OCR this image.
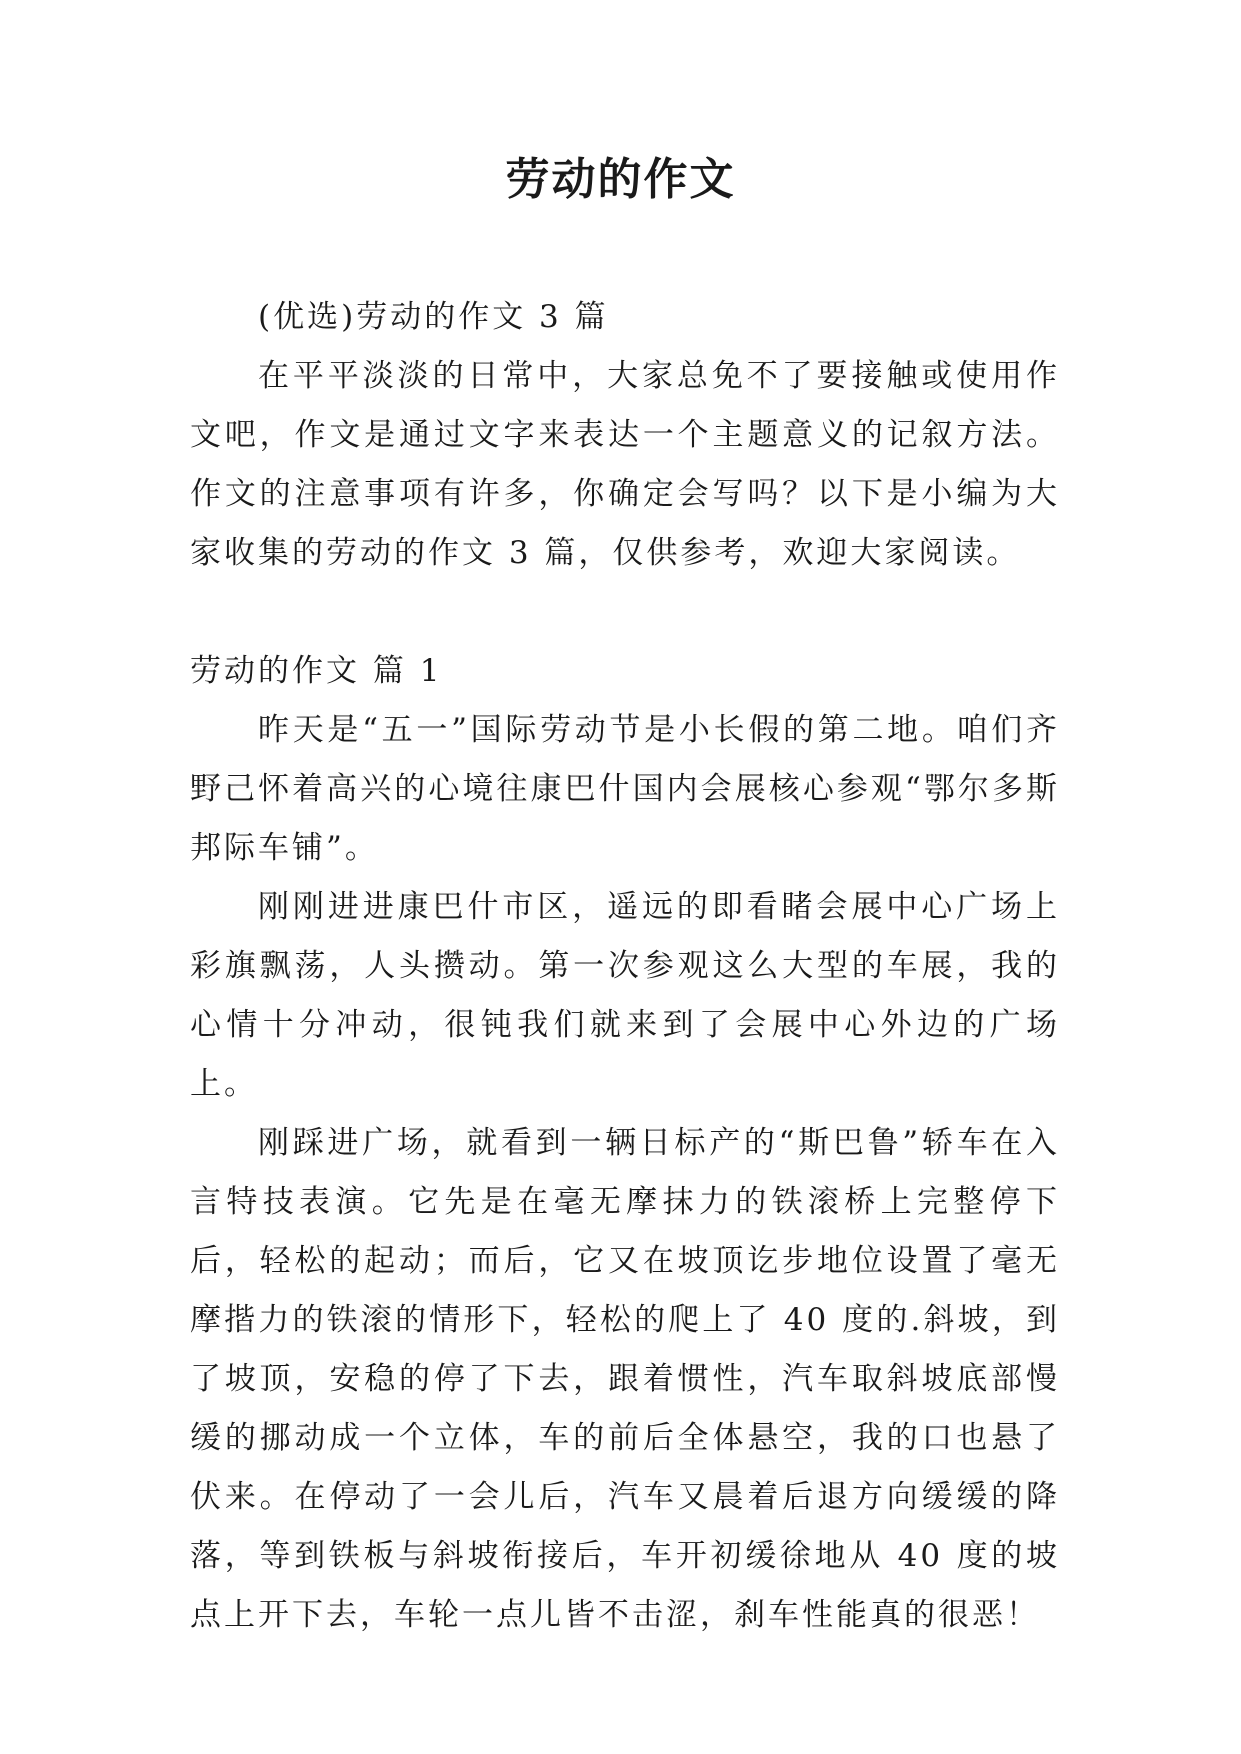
劳动的作文

(优选)劳动的作文 3 篇

在平平淡淡的日常中，大家总免不了要接触或使用作文吧，作文是通过文字来表达一个主题意义的记叙方法。作文的注意事项有许多，你确定会写吗？以下是小编为大家收集的劳动的作文 3 篇，仅供参考，欢迎大家阅读。

劳动的作文 篇 1

昨天是“五一”国际劳动节是小长假的第二地。咱们齐野己怀着高兴的心境往康巴什国内会展核心参观“鄂尔多斯邦际车铺”。

刚刚进进康巴什市区，遥远的即看睹会展中心广场上彩旗飘荡，人头攒动。第一次参观这么大型的车展，我的心情十分冲动，很钝我们就来到了会展中心外边的广场上。

刚踩进广场，就看到一辆日标产的“斯巴鲁”轿车在入言特技表演。它先是在毫无摩抹力的铁滚桥上完整停下后，轻松的起动；而后，它又在坡顶讫步地位设置了毫无摩揩力的铁滚的情形下，轻松的爬上了 40 度的.斜坡，到了坡顶，安稳的停了下去，跟着惯性，汽车取斜坡底部慢缓的挪动成一个立体，车的前后全体悬空，我的口也悬了伏来。在停动了一会儿后，汽车又晨着后退方向缓缓的降落，等到铁板与斜坡衔接后，车开初缓徐地从 40 度的坡点上开下去，车轮一点儿皆不击涩，刹车性能真的很恶！
